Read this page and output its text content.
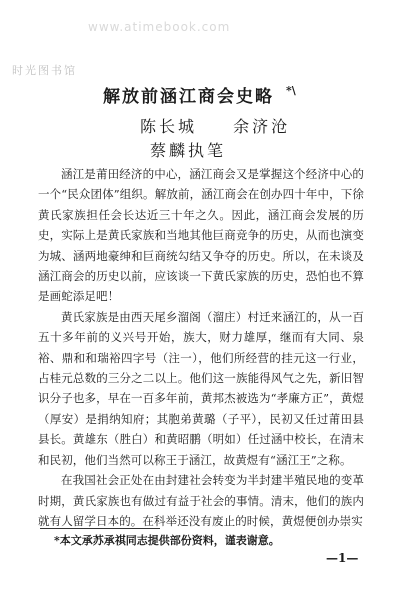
www.atimebook.com
时光图书馆
解放前涵江商会史略 *\
陈长城 余济沧
蔡麟执笔

涵江是莆田经济的中心，涵江商会又是掌握这个经济中心的一个“民众团体”组织。解放前，涵江商会在创办四十年中，下徐黄氏家族担任会长达近三十年之久。因此，涵江商会发展的历史，实际上是黄氏家族和当地其他巨商竞争的历史，从而也演变为城、涵两地豪绅和巨商统勾结又争夺的历史。所以，在未谈及涵江商会的历史以前，应该谈一下黄氏家族的历史，恐怕也不算是画蛇添足吧！

黄氏家族是由西天尾乡溜阁（溜庄）村迁来涵江的，从一百五十多年前的义兴号开始，族大，财力雄厚，继而有大同、泉裕、鼎和和瑞裕四字号（注一），他们所经营的挂元这一行业，占桂元总数的三分之二以上。他们这一族能得风气之先，新旧智识分子也多，早在一百多年前，黄邦杰被选为“孝廉方正”，黄煜（厚安）是捐纳知府；其胞弟黄璐（子平），民初又任过莆田县县长。黄雄东（胜白）和黄昭鹏（明如）任过涵中校长，在清末和民初，他们当然可以称王于涵江，故黄煜有“涵江王”之称。

在我国社会正处在由封建社会转变为半封建半殖民地的变革时期，黄氏家族也有做过有益于社会的事情。清末，他们的族内就有人留学日本的。在科举还没有废止的时候，黄煜便创办崇实

*本文承苏承祺同志提供部份资料，谨表谢意。
—1—
